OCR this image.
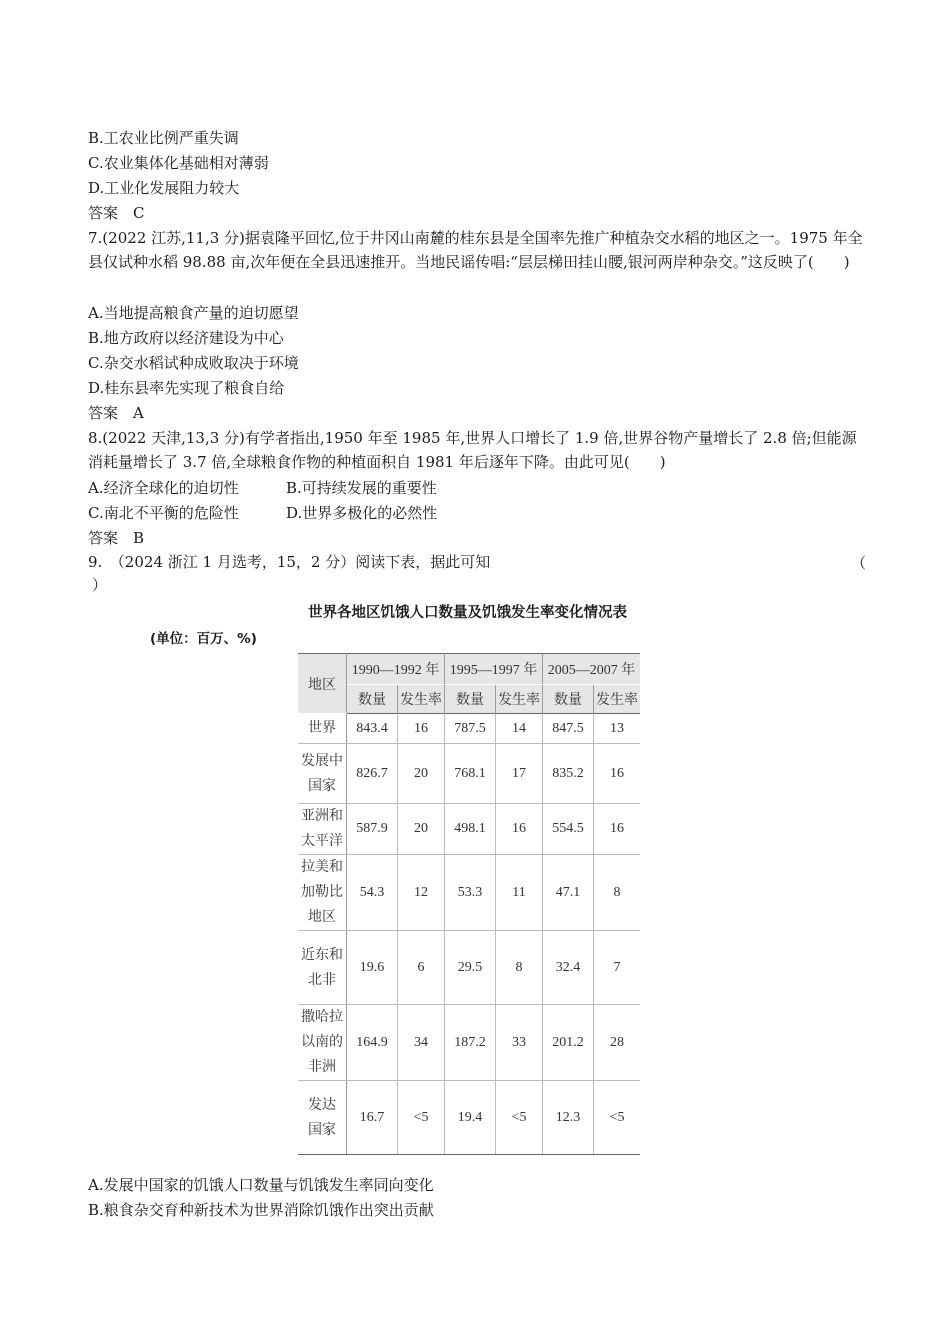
B.工农业比例严重失调
C.农业集体化基础相对薄弱
D.工业化发展阻力较大
答案　C
7.(2022 江苏,11,3 分)据袁隆平回忆,位于井冈山南麓的桂东县是全国率先推广种植杂交水稻的地区之一。1975 年全县仅试种水稻 98.88 亩,次年便在全县迅速推开。当地民谣传唱:“层层梯田挂山腰,银河两岸种杂交。”这反映了(　　)
A.当地提高粮食产量的迫切愿望
B.地方政府以经济建设为中心
C.杂交水稻试种成败取决于环境
D.桂东县率先实现了粮食自给
答案　A
8.(2022 天津,13,3 分)有学者指出,1950 年至 1985 年,世界人口增长了 1.9 倍,世界谷物产量增长了 2.8 倍;但能源消耗量增长了 3.7 倍,全球粮食作物的种植面积自 1981 年后逐年下降。由此可见(　　)
A.经济全球化的迫切性	B.可持续发展的重要性
C.南北不平衡的危险性	D.世界多极化的必然性
答案　B
9.　（2024 浙江 1 月选考，15，2 分）阅读下表，据此可知	（
）
世界各地区饥饿人口数量及饥饿发生率变化情况表
(单位：百万、%)
地区	1990—1992 年		1995—1997 年		2005—2007 年	
	数量	发生率	数量	发生率	数量	发生率

世界	843.4	16	787.5	14	847.5	13

发展中
国家	826.7	20	768.1	17	835.2	16

亚洲和
太平洋	587.9	20	498.1	16	554.5	16

拉美和
加勒比
地区	54.3	12	53.3	11	47.1	8

近东和
北非	19.6	6	29.5	8	32.4	7

撒哈拉
以南的
非洲	164.9	34	187.2	33	201.2	28

发达
国家	16.7	<5	19.4	<5	12.3	<5
A.发展中国家的饥饿人口数量与饥饿发生率同向变化
B.粮食杂交育种新技术为世界消除饥饿作出突出贡献
